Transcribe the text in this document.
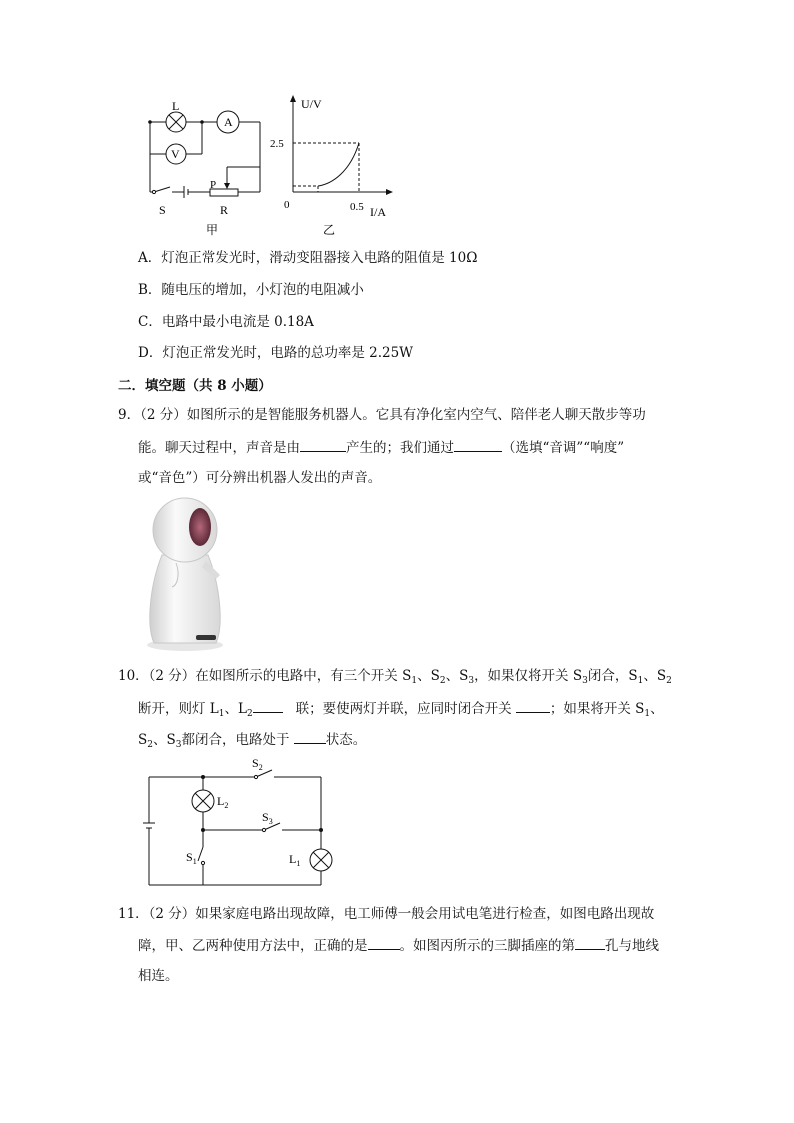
L
A
V
P
S	R
甲
U/V
I/A
0
2.5
0.5
乙
A．灯泡正常发光时，滑动变阻器接入电路的阻值是 10Ω
B．随电压的增加，小灯泡的电阻减小
C．电路中最小电流是 0.18A
D．灯泡正常发光时，电路的总功率是 2.25W
二．填空题（共 8 小题）
9．（2 分）如图所示的是智能服务机器人。它具有净化室内空气、陪伴老人聊天散步等功
能。聊天过程中，声音是由	产生的；我们通过	（选填“音调”“响度”
或“音色”）可分辨出机器人发出的声音。
10．（2 分）在如图所示的电路中，有三个开关 $S_1$、$S_2$、$S_3$，如果仅将开关 $S_3$闭合，$S_1$、$S_2$
断开，则灯 $L_1$、$L_2$	联；要使两灯并联，应同时闭合开关	；如果将开关 $S_1$、
$S_2$、$S_3$都闭合，电路处于	状态。
$S_2$
$S_3$
$S_1$
$L_2$
$L_1$
11．（2 分）如果家庭电路出现故障，电工师傅一般会用试电笔进行检查，如图电路出现故
障，甲、乙两种使用方法中，正确的是 。如图丙所示的三脚插座的第 孔与地线
相连。
